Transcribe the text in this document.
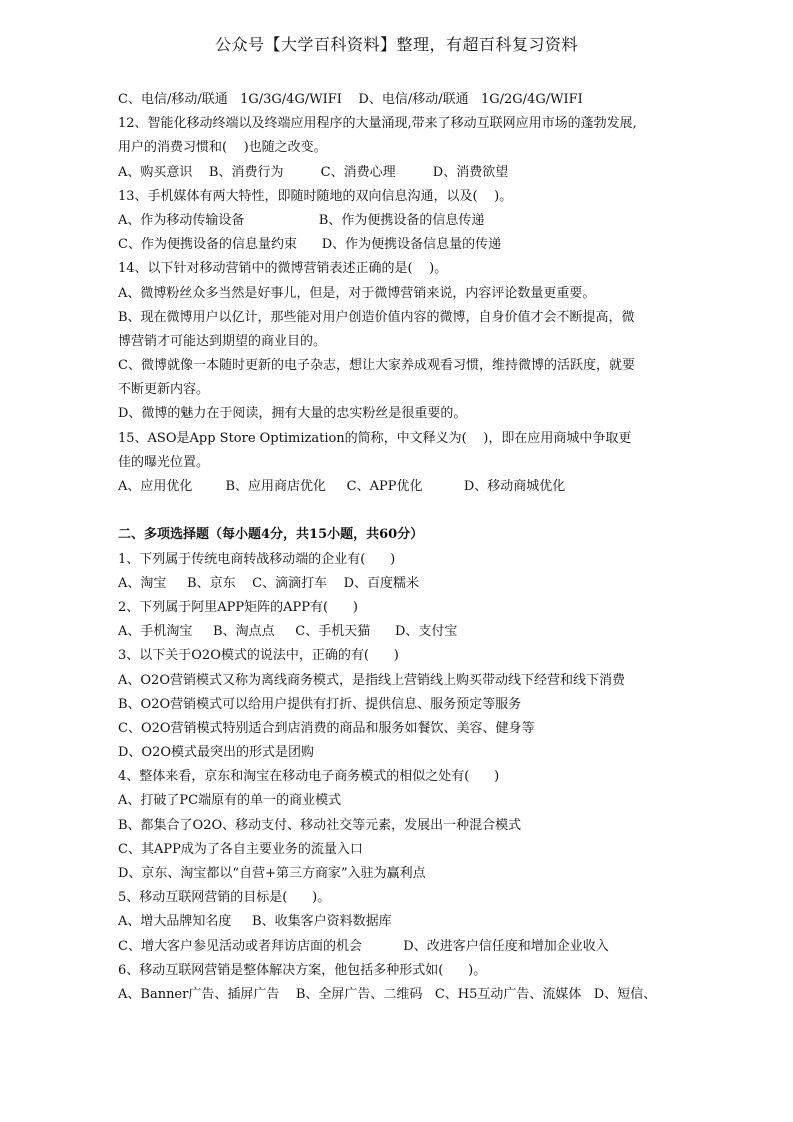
公众号【大学百科资料】整理，有超百科复习资料
C、电信/移动/联通   1G/3G/4G/WIFI    D、电信/移动/联通   1G/2G/4G/WIFI
12、智能化移动终端以及终端应用程序的大量涌现,带来了移动互联网应用市场的蓬勃发展,
用户的消费习惯和(    )也随之改变。
A、购买意识    B、消费行为         C、消费心理         D、消费欲望
13、手机媒体有两大特性，即随时随地的双向信息沟通，以及(    )。
A、作为移动传输设备                  B、作为便携设备的信息传递
C、作为便携设备的信息量约束      D、作为便携设备信息量的传递
14、以下针对移动营销中的微博营销表述正确的是(    )。
A、微博粉丝众多当然是好事儿，但是，对于微博营销来说，内容评论数量更重要。
B、现在微博用户以亿计，那些能对用户创造价值内容的微博，自身价值才会不断提高，微
博营销才可能达到期望的商业目的。
C、微博就像一本随时更新的电子杂志，想让大家养成观看习惯，维持微博的活跃度，就要
不断更新内容。
D、微博的魅力在于阅读，拥有大量的忠实粉丝是很重要的。
15、ASO是App Store Optimization的简称，中文释义为(    )，即在应用商城中争取更
佳的曝光位置。
A、应用优化        B、应用商店优化     C、APP优化          D、移动商城优化
二、多项选择题（每小题4分，共15小题，共60分）
1、下列属于传统电商转战移动端的企业有(      )
A、淘宝     B、京东    C、滴滴打车    D、百度糯米
2、下列属于阿里APP矩阵的APP有(      )
A、手机淘宝     B、淘点点     C、手机天猫      D、支付宝
3、以下关于O2O模式的说法中，正确的有(      )
A、O2O营销模式又称为离线商务模式，是指线上营销线上购买带动线下经营和线下消费
B、O2O营销模式可以给用户提供有打折、提供信息、服务预定等服务
C、O2O营销模式特别适合到店消费的商品和服务如餐饮、美容、健身等
D、O2O模式最突出的形式是团购
4、整体来看，京东和淘宝在移动电子商务模式的相似之处有(      )
A、打破了PC端原有的单一的商业模式
B、都集合了O2O、移动支付、移动社交等元素，发展出一种混合模式
C、其APP成为了各自主要业务的流量入口
D、京东、淘宝都以“自营+第三方商家”入驻为赢利点
5、移动互联网营销的目标是(      )。
A、增大品牌知名度     B、收集客户资料数据库
C、增大客户参见活动或者拜访店面的机会          D、改进客户信任度和增加企业收入
6、移动互联网营销是整体解决方案，他包括多种形式如(      )。
A、Banner广告、插屏广告    B、全屏广告、二维码   C、H5互动广告、流媒体   D、短信、
